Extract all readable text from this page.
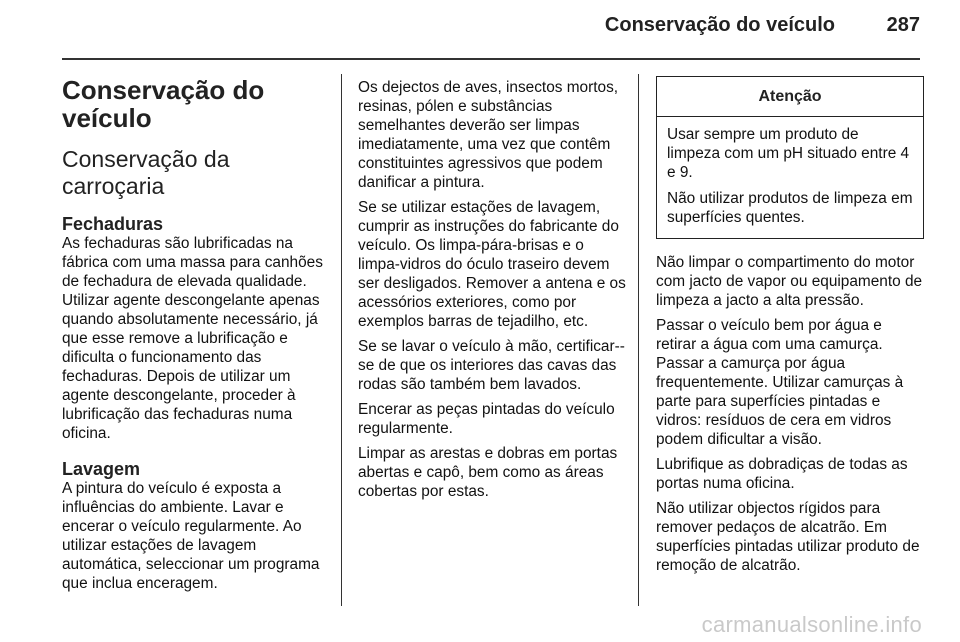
Conservação do veículo	287
Conservação do veículo
Conservação da carroçaria
Fechaduras

As fechaduras são lubrificadas na fábrica com uma massa para canhões de fechadura de elevada qualidade. Utilizar agente descongelante apenas quando absolutamente necessário, já que esse remove a lubrificação e dificulta o funcionamento das fechaduras. Depois de utilizar um agente descongelante, proceder à lubrificação das fechaduras numa oficina.

Lavagem

A pintura do veículo é exposta a influências do ambiente. Lavar e encerar o veículo regularmente. Ao utilizar estações de lavagem automática, seleccionar um programa que inclua enceragem.

Os dejectos de aves, insectos mortos, resinas, pólen e substâncias semelhantes deverão ser limpas imediatamente, uma vez que contêm constituintes agressivos que podem danificar a pintura.

Se se utilizar estações de lavagem, cumprir as instruções do fabricante do veículo. Os limpa-pára-brisas e o limpa-vidros do óculo traseiro devem ser desligados. Remover a antena e os acessórios exteriores, como por exemplos barras de tejadilho, etc.

Se se lavar o veículo à mão, certificar--se de que os interiores das cavas das rodas são também bem lavados.

Encerar as peças pintadas do veículo regularmente.

Limpar as arestas e dobras em portas abertas e capô, bem como as áreas cobertas por estas.

Atenção

Usar sempre um produto de limpeza com um pH situado entre 4 e 9.

Não utilizar produtos de limpeza em superfícies quentes.

Não limpar o compartimento do motor com jacto de vapor ou equipamento de limpeza a jacto a alta pressão.

Passar o veículo bem por água e retirar a água com uma camurça. Passar a camurça por água frequentemente. Utilizar camurças à parte para superfícies pintadas e vidros: resíduos de cera em vidros podem dificultar a visão.

Lubrifique as dobradiças de todas as portas numa oficina.

Não utilizar objectos rígidos para remover pedaços de alcatrão. Em superfícies pintadas utilizar produto de remoção de alcatrão.

carmanualsonline.info
